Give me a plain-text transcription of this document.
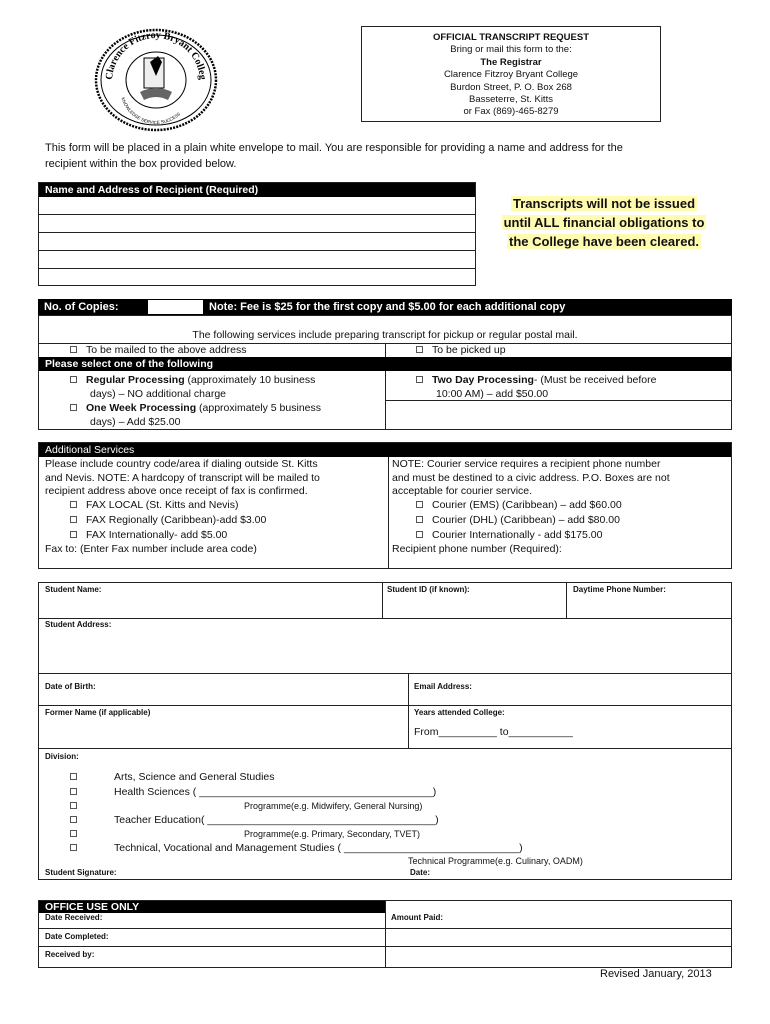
Clarence Fitzroy Bryant Colleg
KNOWLEDGE SERVICE SUCCESS
OFFICIAL TRANSCRIPT REQUEST
Bring or mail this form to the:
The Registrar
Clarence Fitzroy Bryant College
Burdon Street, P. O. Box 268
Basseterre, St. Kitts
or Fax (869)-465-8279
This form will be placed in a plain white envelope to mail. You are responsible for providing a name and address for the
recipient within the box provided below.
Name and Address of Recipient (Required)
Transcripts will not be issued
until ALL financial obligations to
the College have been cleared.
No. of Copies:	Note: Fee is $25 for the first copy and $5.00 for each additional copy
The following services include preparing transcript for pickup or regular postal mail.
To be mailed to the above address	To be picked up
Please select one of the following
Regular Processing (approximately 10 business
days) – NO additional charge
Two Day Processing- (Must be received before
10:00 AM) – add $50.00
One Week Processing (approximately 5 business
days) – Add $25.00
Additional Services
Please include country code/area if dialing outside St. Kitts
and Nevis. NOTE: A hardcopy of transcript will be mailed to
recipient address above once receipt of fax is confirmed.
FAX LOCAL (St. Kitts and Nevis)
FAX Regionally (Caribbean)-add $3.00
FAX Internationally- add $5.00
Fax to: (Enter Fax number include area code)
NOTE: Courier service requires a recipient phone number
and must be destined to a civic address. P.O. Boxes are not
acceptable for courier service.
Courier (EMS) (Caribbean) – add $60.00
Courier (DHL) (Caribbean) – add $80.00
Courier Internationally - add $175.00
Recipient phone number (Required):
Student Name:	Student ID (if known):	Daytime Phone Number:
Student Address:
Date of Birth:	Email Address:
Former Name (if applicable)	Years attended College:
From__________ to___________
Division:
Arts, Science and General Studies
Health Sciences ( ________________________________________)
Programme(e.g. Midwifery, General Nursing)
Teacher Education( _______________________________________)
Programme(e.g. Primary, Secondary, TVET)
Technical, Vocational and Management Studies ( ______________________________)
Technical Programme(e.g. Culinary, OADM)
Student Signature:	Date:
OFFICE USE ONLY
Date Received:	Amount Paid:
Date Completed:
Received by:
Revised January, 2013
